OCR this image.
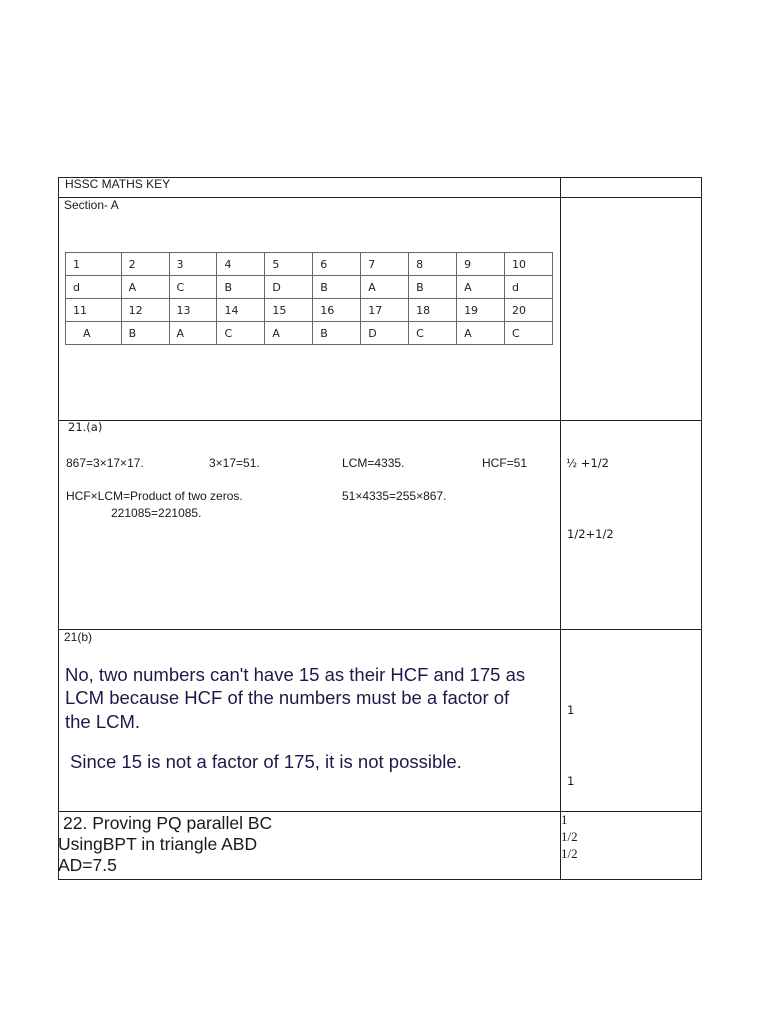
HSSC MATHS KEY
Section- A
1	2	3	4	5	6	7	8	9	10
d	A	C	B	D	B	A	B	A	d
11	12	13	14	15	16	17	18	19	20
A	B	A	C	A	B	D	C	A	C
21.(a)
867=3×17×17.	3×17=51.	LCM=4335.	HCF=51
HCF×LCM=Product of two zeros.	51×4335=255×867.
221085=221085.
½ +1/2
1/2+1/2
21(b)
No, two numbers can't have 15 as their HCF and 175 as
LCM because HCF of the numbers must be a factor of
the LCM.
Since 15 is not a factor of 175, it is not possible.
1
1
22. Proving PQ parallel BC
UsingBPT in triangle ABD
AD=7.5
1
1/2
1/2
